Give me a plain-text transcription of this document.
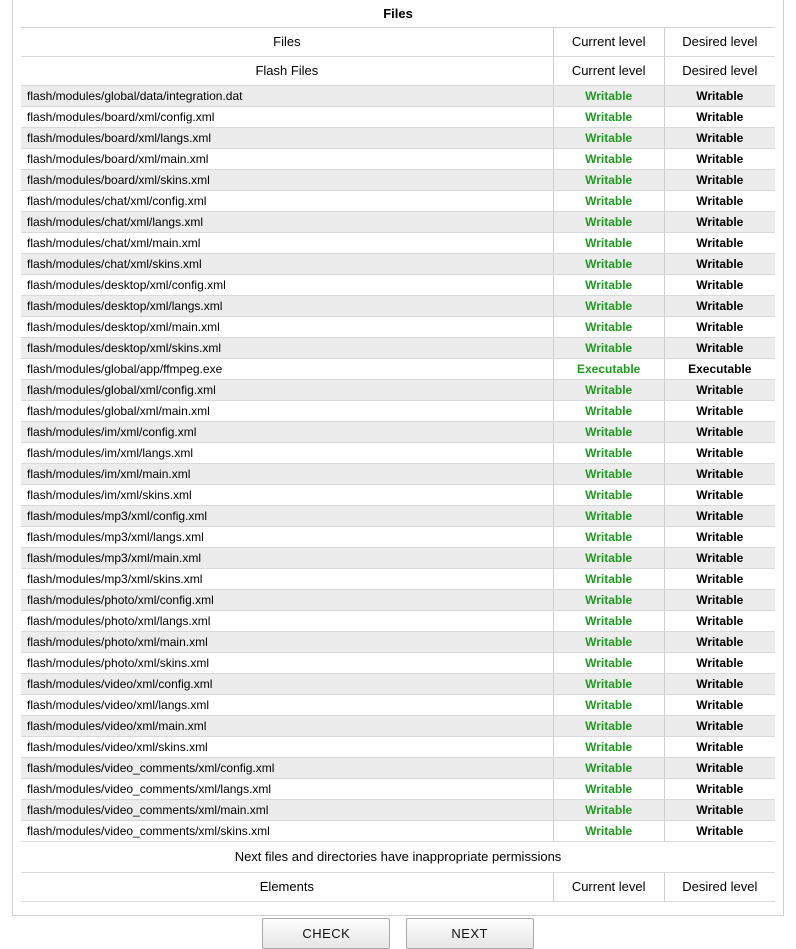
Files
Files	Current level	Desired level
Flash Files	Current level	Desired level
flash/modules/global/data/integration.dat	Writable	Writable
flash/modules/board/xml/config.xml	Writable	Writable
flash/modules/board/xml/langs.xml	Writable	Writable
flash/modules/board/xml/main.xml	Writable	Writable
flash/modules/board/xml/skins.xml	Writable	Writable
flash/modules/chat/xml/config.xml	Writable	Writable
flash/modules/chat/xml/langs.xml	Writable	Writable
flash/modules/chat/xml/main.xml	Writable	Writable
flash/modules/chat/xml/skins.xml	Writable	Writable
flash/modules/desktop/xml/config.xml	Writable	Writable
flash/modules/desktop/xml/langs.xml	Writable	Writable
flash/modules/desktop/xml/main.xml	Writable	Writable
flash/modules/desktop/xml/skins.xml	Writable	Writable
flash/modules/global/app/ffmpeg.exe	Executable	Executable
flash/modules/global/xml/config.xml	Writable	Writable
flash/modules/global/xml/main.xml	Writable	Writable
flash/modules/im/xml/config.xml	Writable	Writable
flash/modules/im/xml/langs.xml	Writable	Writable
flash/modules/im/xml/main.xml	Writable	Writable
flash/modules/im/xml/skins.xml	Writable	Writable
flash/modules/mp3/xml/config.xml	Writable	Writable
flash/modules/mp3/xml/langs.xml	Writable	Writable
flash/modules/mp3/xml/main.xml	Writable	Writable
flash/modules/mp3/xml/skins.xml	Writable	Writable
flash/modules/photo/xml/config.xml	Writable	Writable
flash/modules/photo/xml/langs.xml	Writable	Writable
flash/modules/photo/xml/main.xml	Writable	Writable
flash/modules/photo/xml/skins.xml	Writable	Writable
flash/modules/video/xml/config.xml	Writable	Writable
flash/modules/video/xml/langs.xml	Writable	Writable
flash/modules/video/xml/main.xml	Writable	Writable
flash/modules/video/xml/skins.xml	Writable	Writable
flash/modules/video_comments/xml/config.xml	Writable	Writable
flash/modules/video_comments/xml/langs.xml	Writable	Writable
flash/modules/video_comments/xml/main.xml	Writable	Writable
flash/modules/video_comments/xml/skins.xml	Writable	Writable
Next files and directories have inappropriate permissions		
Elements	Current level	Desired level
CHECK	NEXT
